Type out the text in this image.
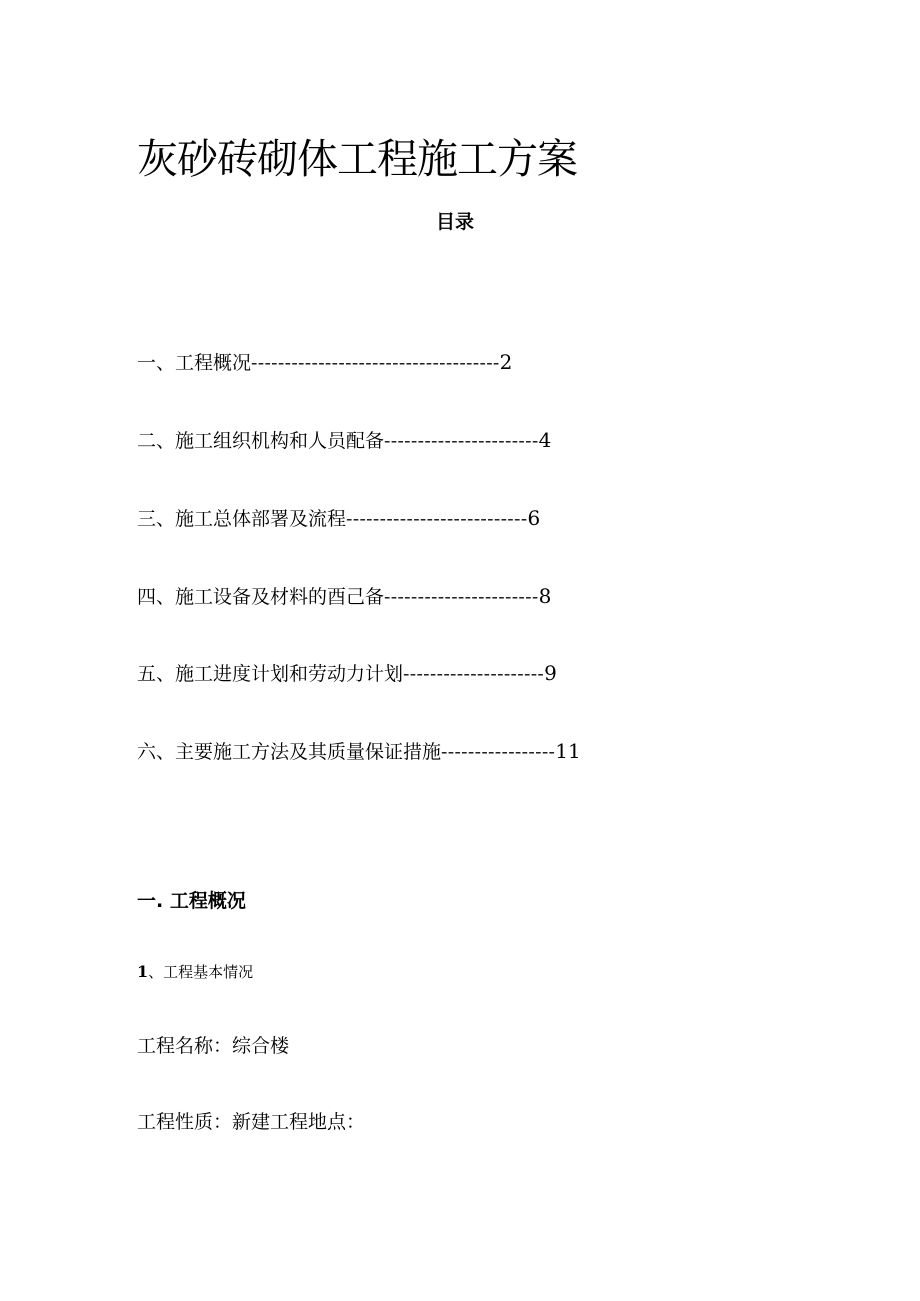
灰砂砖砌体工程施工方案
目录
一、工程概况 ------------------------------------- 2
二、施工组织机构和人员配备 ----------------------- 4
三、施工总体部署及流程 --------------------------- 6
四、施工设备及材料的酉己备 ----------------------- 8
五、施工进度计划和劳动力计划 --------------------- 9
六、主要施工方法及其质量保证措施 ----------------- 11
一. 工程概况
1、工程基本情况

工程名称：综合楼

工程性质：新建工程地点：
